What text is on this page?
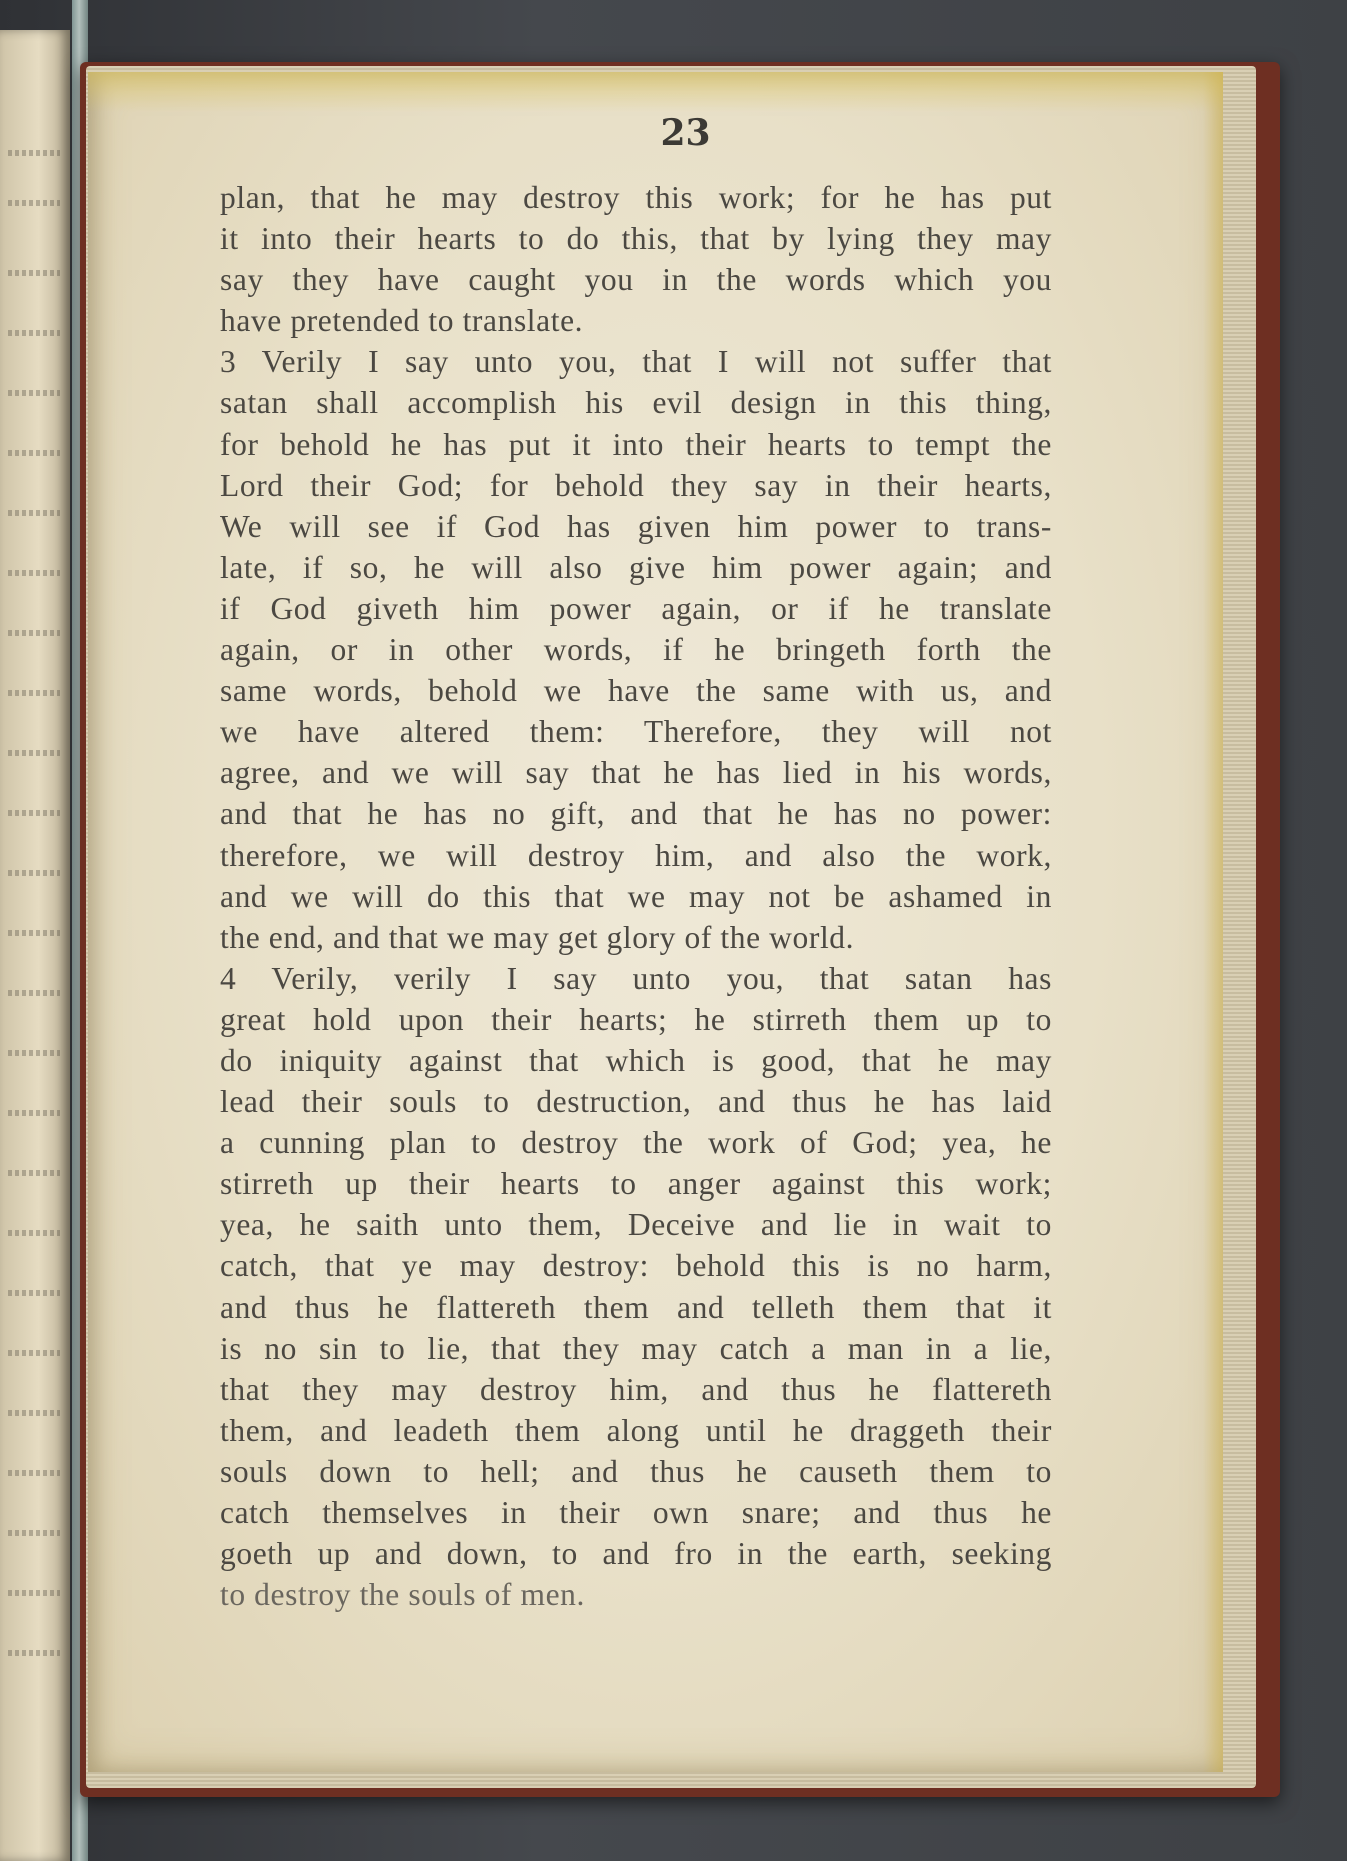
23
plan, that he may destroy this work; for he has put
it into their hearts to do this, that by lying they may
say they have caught you in the words which you
have pretended to translate.
3 Verily I say unto you, that I will not suffer that
satan shall accomplish his evil design in this thing,
for behold he has put it into their hearts to tempt the
Lord their God; for behold they say in their hearts,
We will see if God has given him power to trans-
late, if so, he will also give him power again; and
if God giveth him power again, or if he translate
again, or in other words, if he bringeth forth the
same words, behold we have the same with us, and
we have altered them: Therefore, they will not
agree, and we will say that he has lied in his words,
and that he has no gift, and that he has no power:
therefore, we will destroy him, and also the work,
and we will do this that we may not be ashamed in
the end, and that we may get glory of the world.
4 Verily, verily I say unto you, that satan has
great hold upon their hearts; he stirreth them up to
do iniquity against that which is good, that he may
lead their souls to destruction, and thus he has laid
a cunning plan to destroy the work of God; yea, he
stirreth up their hearts to anger against this work;
yea, he saith unto them, Deceive and lie in wait to
catch, that ye may destroy: behold this is no harm,
and thus he flattereth them and telleth them that it
is no sin to lie, that they may catch a man in a lie,
that they may destroy him, and thus he flattereth
them, and leadeth them along until he draggeth their
souls down to hell; and thus he causeth them to
catch themselves in their own snare; and thus he
goeth up and down, to and fro in the earth, seeking
to destroy the souls of men.
